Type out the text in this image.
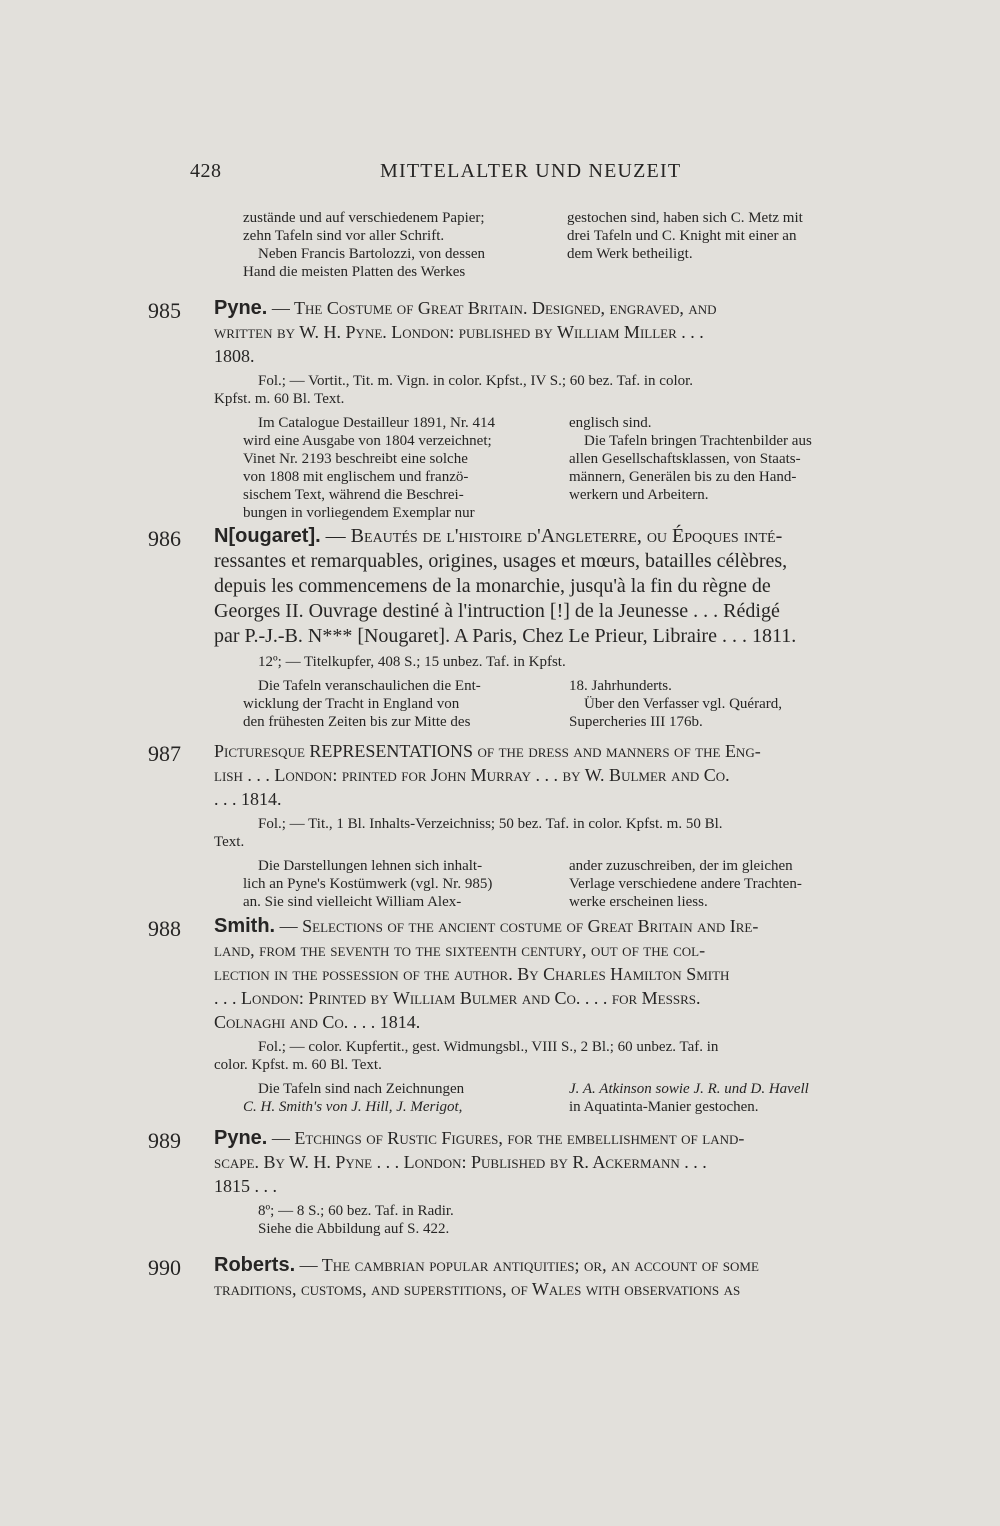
428	MITTELALTER UND NEUZEIT
zustände und auf verschiedenem Papier;
zehn Tafeln sind vor aller Schrift.
Neben Francis Bartolozzi, von dessen
Hand die meisten Platten des Werkes
gestochen sind, haben sich C. Metz mit
drei Tafeln und C. Knight mit einer an
dem Werk betheiligt.
985 Pyne. — The Costume of Great Britain. Designed, engraved, and
written by W. H. Pyne. London: published by William Miller . . .
1808.
Fol.; — Vortit., Tit. m. Vign. in color. Kpfst., IV S.; 60 bez. Taf. in color.
Kpfst. m. 60 Bl. Text.
Im Catalogue Destailleur 1891, Nr. 414
wird eine Ausgabe von 1804 verzeichnet;
Vinet Nr. 2193 beschreibt eine solche
von 1808 mit englischem und franzö-
sischem Text, während die Beschrei-
bungen in vorliegendem Exemplar nur
englisch sind.
Die Tafeln bringen Trachtenbilder aus
allen Gesellschaftsklassen, von Staats-
männern, Generälen bis zu den Hand-
werkern und Arbeitern.
986 N[ougaret]. — Beautés de l'histoire d'Angleterre, ou Époques inté-
ressantes et remarquables, origines, usages et mœurs, batailles célèbres,
depuis les commencemens de la monarchie, jusqu'à la fin du règne de
Georges II. Ouvrage destiné à l'intruction [!] de la Jeunesse . . . Rédigé
par P.-J.-B. N*** [Nougaret]. A Paris, Chez Le Prieur, Libraire . . . 1811.
12º; — Titelkupfer, 408 S.; 15 unbez. Taf. in Kpfst.
Die Tafeln veranschaulichen die Ent-
wicklung der Tracht in England von
den frühesten Zeiten bis zur Mitte des
18. Jahrhunderts.
Über den Verfasser vgl. Quérard,
Supercheries III 176b.
987 Picturesque REPRESENTATIONS of the dress and manners of the Eng-
lish . . . London: printed for John Murray . . . by W. Bulmer and Co.
. . . 1814.
Fol.; — Tit., 1 Bl. Inhalts-Verzeichniss; 50 bez. Taf. in color. Kpfst. m. 50 Bl.
Text.
Die Darstellungen lehnen sich inhalt-
lich an Pyne's Kostümwerk (vgl. Nr. 985)
an. Sie sind vielleicht William Alex-
ander zuzuschreiben, der im gleichen
Verlage verschiedene andere Trachten-
werke erscheinen liess.
988 Smith. — Selections of the ancient costume of Great Britain and Ire-
land, from the seventh to the sixteenth century, out of the col-
lection in the possession of the author. By Charles Hamilton Smith
. . . London: Printed by William Bulmer and Co. . . . for Messrs.
Colnaghi and Co. . . . 1814.
Fol.; — color. Kupfertit., gest. Widmungsbl., VIII S., 2 Bl.; 60 unbez. Taf. in
color. Kpfst. m. 60 Bl. Text.
Die Tafeln sind nach Zeichnungen
C. H. Smith's von J. Hill, J. Merigot,
J. A. Atkinson sowie J. R. und D. Havell
in Aquatinta-Manier gestochen.
989 Pyne. — Etchings of Rustic Figures, for the embellishment of land-
scape. By W. H. Pyne . . . London: Published by R. Ackermann . . .
1815 . . .
8º; — 8 S.; 60 bez. Taf. in Radir.
Siehe die Abbildung auf S. 422.
990 Roberts. — The cambrian popular antiquities; or, an account of some
traditions, customs, and superstitions, of Wales with observations as
